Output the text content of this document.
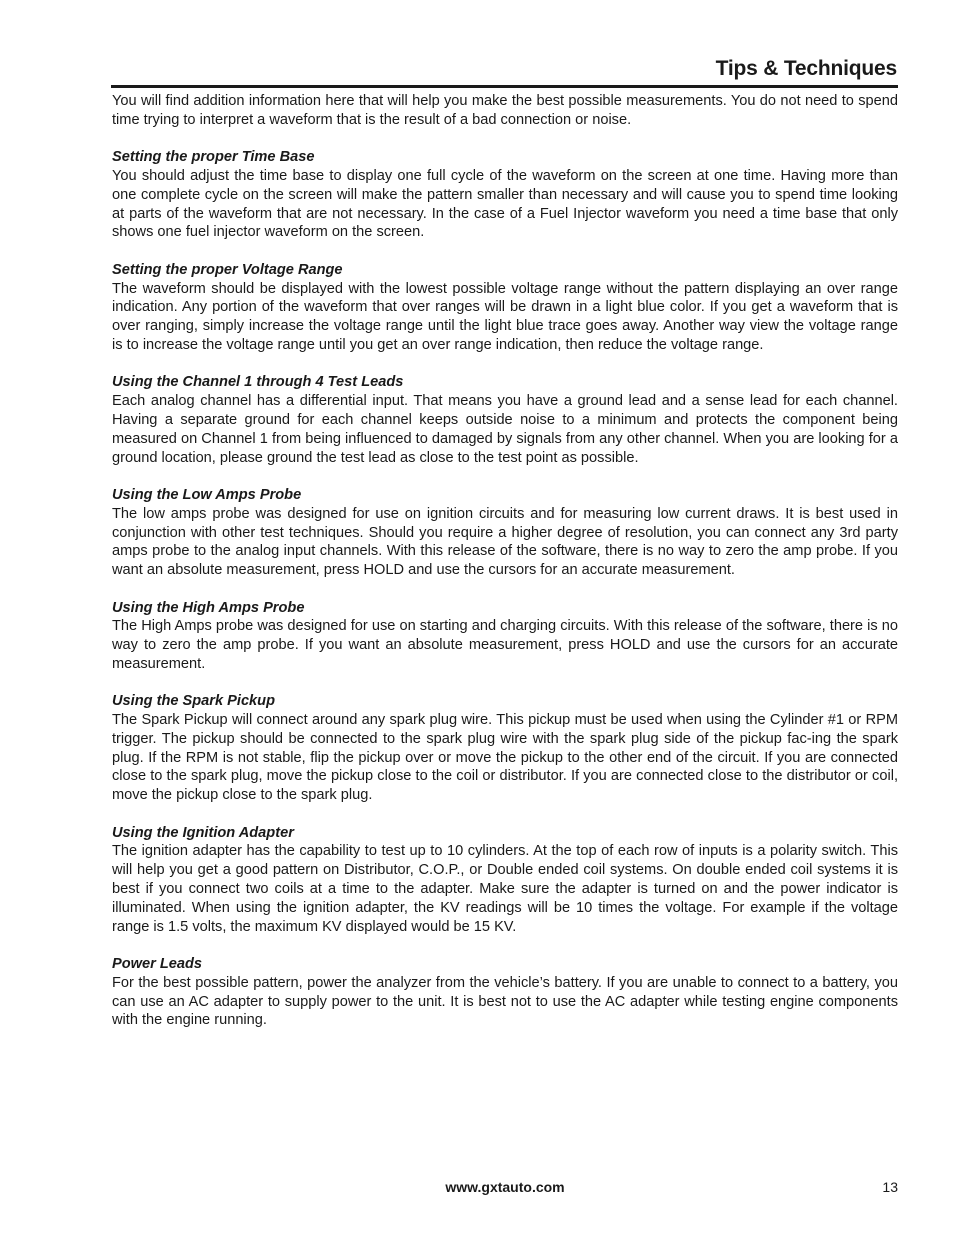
Tips & Techniques

You will find addition information here that will help you make the best possible measurements. You do not need to spend time trying to interpret a waveform that is the result of a bad connection or noise.

Setting the proper Time Base

You should adjust the time base to display one full cycle of the waveform on the screen at one time. Having more than one complete cycle on the screen will make the pattern smaller than necessary and will cause you to spend time looking at parts of the waveform that are not necessary. In the case of a Fuel Injector waveform you need a time base that only shows one fuel injector waveform on the screen.

Setting the proper Voltage Range

The waveform should be displayed with the lowest possible voltage range without the pattern displaying an over range indication. Any portion of the waveform that over ranges will be drawn in a light blue color. If you get a waveform that is over ranging, simply increase the voltage range until the light blue trace goes away. Another way view the voltage range is to increase the voltage range until you get an over range indication, then reduce the voltage range.

Using the Channel 1 through 4 Test Leads

Each analog channel has a differential input. That means you have a ground lead and a sense lead for each channel. Having a separate ground for each channel keeps outside noise to a minimum and protects the component being measured on Channel 1 from being influenced to damaged by signals from any other channel. When you are looking for a ground location, please ground the test lead as close to the test point as possible.

Using the Low Amps Probe

The low amps probe was designed for use on ignition circuits and for measuring low current draws. It is best used in conjunction with other test techniques. Should you require a higher degree of resolution, you can connect any 3rd party amps probe to the analog input channels. With this release of the software, there is no way to zero the amp probe. If you want an absolute measurement, press HOLD and use the cursors for an accurate measurement.

Using the High Amps Probe

The High Amps probe was designed for use on starting and charging circuits. With this release of the software, there is no way to zero the amp probe. If you want an absolute measurement, press HOLD and use the cursors for an accurate measurement.

Using the Spark Pickup

The Spark Pickup will connect around any spark plug wire. This pickup must be used when using the Cylinder #1 or RPM trigger. The pickup should be connected to the spark plug wire with the spark plug side of the pickup fac-ing the spark plug. If the RPM is not stable, flip the pickup over or move the pickup to the other end of the circuit. If you are connected close to the spark plug, move the pickup close to the coil or distributor. If you are connected close to the distributor or coil, move the pickup close to the spark plug.

Using the Ignition Adapter

The ignition adapter has the capability to test up to 10 cylinders. At the top of each row of inputs is a polarity switch. This will help you get a good pattern on Distributor, C.O.P., or Double ended coil systems. On double ended coil systems it is best if you connect two coils at a time to the adapter. Make sure the adapter is turned on and the power indicator is illuminated. When using the ignition adapter, the KV readings will be 10 times the voltage. For example if the voltage range is 1.5 volts, the maximum KV displayed would be 15 KV.

Power Leads

For the best possible pattern, power the analyzer from the vehicle’s battery. If you are unable to connect to a battery, you can use an AC adapter to supply power to the unit. It is best not to use the AC adapter while testing engine components with the engine running.

www.gxtauto.com	13
